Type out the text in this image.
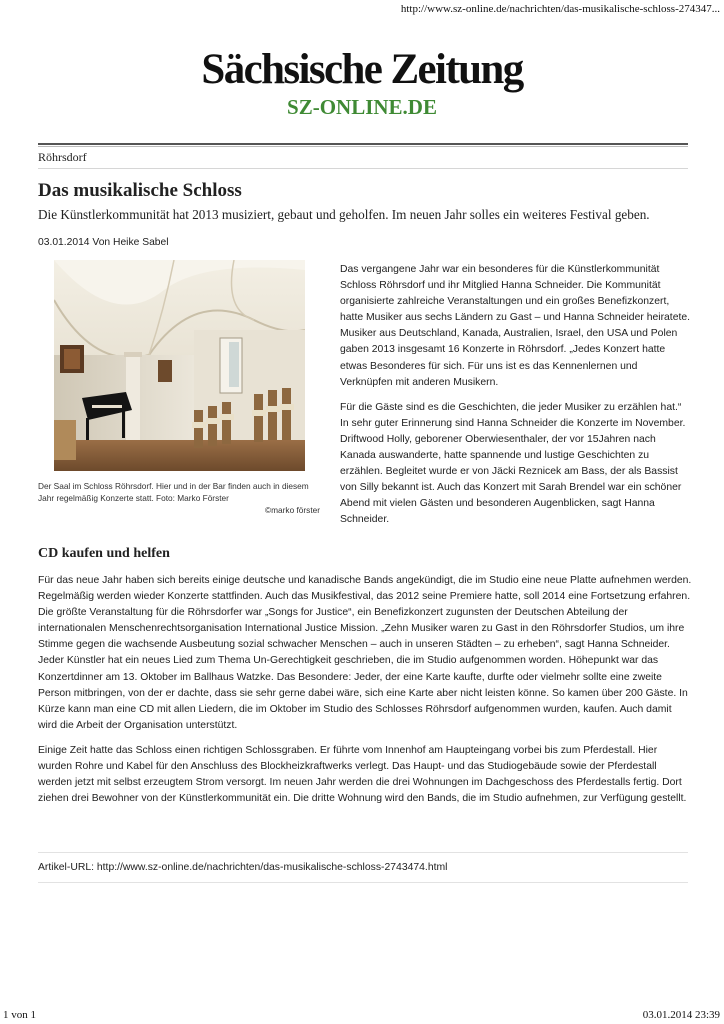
http://www.sz-online.de/nachrichten/das-musikalische-schloss-274347...
Sächsische Zeitung
SZ-ONLINE.DE
Röhrsdorf
Das musikalische Schloss
Die Künstlerkommunität hat 2013 musiziert, gebaut und geholfen. Im neuen Jahr solles ein weiteres Festival geben.
03.01.2014 Von Heike Sabel
Der Saal im Schloss Röhrsdorf. Hier und in der Bar finden auch in diesem Jahr regelmäßig Konzerte statt. Foto: Marko Förster
©marko förster

Das vergangene Jahr war ein besonderes für die Künstlerkommunität Schloss Röhrsdorf und ihr Mitglied Hanna Schneider. Die Kommunität organisierte zahlreiche Veranstaltungen und ein großes Benefizkonzert, hatte Musiker aus sechs Ländern zu Gast – und Hanna Schneider heiratete. Musiker aus Deutschland, Kanada, Australien, Israel, den USA und Polen gaben 2013 insgesamt 16 Konzerte in Röhrsdorf. „Jedes Konzert hatte etwas Besonderes für sich. Für uns ist es das Kennenlernen und Verknüpfen mit anderen Musikern.

Für die Gäste sind es die Geschichten, die jeder Musiker zu erzählen hat.“ In sehr guter Erinnerung sind Hanna Schneider die Konzerte im November. Driftwood Holly, geborener Oberwiesenthaler, der vor 15Jahren nach Kanada auswanderte, hatte spannende und lustige Geschichten zu erzählen. Begleitet wurde er von Jäcki Reznicek am Bass, der als Bassist von Silly bekannt ist. Auch das Konzert mit Sarah Brendel war ein schöner Abend mit vielen Gästen und besonderen Augenblicken, sagt Hanna Schneider.

CD kaufen und helfen

Für das neue Jahr haben sich bereits einige deutsche und kanadische Bands angekündigt, die im Studio eine neue Platte aufnehmen werden. Regelmäßig werden wieder Konzerte stattfinden. Auch das Musikfestival, das 2012 seine Premiere hatte, soll 2014 eine Fortsetzung erfahren. Die größte Veranstaltung für die Röhrsdorfer war „Songs for Justice“, ein Benefizkonzert zugunsten der Deutschen Abteilung der internationalen Menschenrechtsorganisation International Justice Mission. „Zehn Musiker waren zu Gast in den Röhrsdorfer Studios, um ihre Stimme gegen die wachsende Ausbeutung sozial schwacher Menschen – auch in unseren Städten – zu erheben“, sagt Hanna Schneider. Jeder Künstler hat ein neues Lied zum Thema Un-Gerechtigkeit geschrieben, die im Studio aufgenommen worden. Höhepunkt war das Konzertdinner am 13. Oktober im Ballhaus Watzke. Das Besondere: Jeder, der eine Karte kaufte, durfte oder vielmehr sollte eine zweite Person mitbringen, von der er dachte, dass sie sehr gerne dabei wäre, sich eine Karte aber nicht leisten könne. So kamen über 200 Gäste. In Kürze kann man eine CD mit allen Liedern, die im Oktober im Studio des Schlosses Röhrsdorf aufgenommen wurden, kaufen. Auch damit wird die Arbeit der Organisation unterstützt.

Einige Zeit hatte das Schloss einen richtigen Schlossgraben. Er führte vom Innenhof am Haupteingang vorbei bis zum Pferdestall. Hier wurden Rohre und Kabel für den Anschluss des Blockheizkraftwerks verlegt. Das Haupt- und das Studiogebäude sowie der Pferdestall werden jetzt mit selbst erzeugtem Strom versorgt. Im neuen Jahr werden die drei Wohnungen im Dachgeschoss des Pferdestalls fertig. Dort ziehen drei Bewohner von der Künstlerkommunität ein. Die dritte Wohnung wird den Bands, die im Studio aufnehmen, zur Verfügung gestellt.

Artikel-URL: http://www.sz-online.de/nachrichten/das-musikalische-schloss-2743474.html
1 von 1	03.01.2014 23:39
